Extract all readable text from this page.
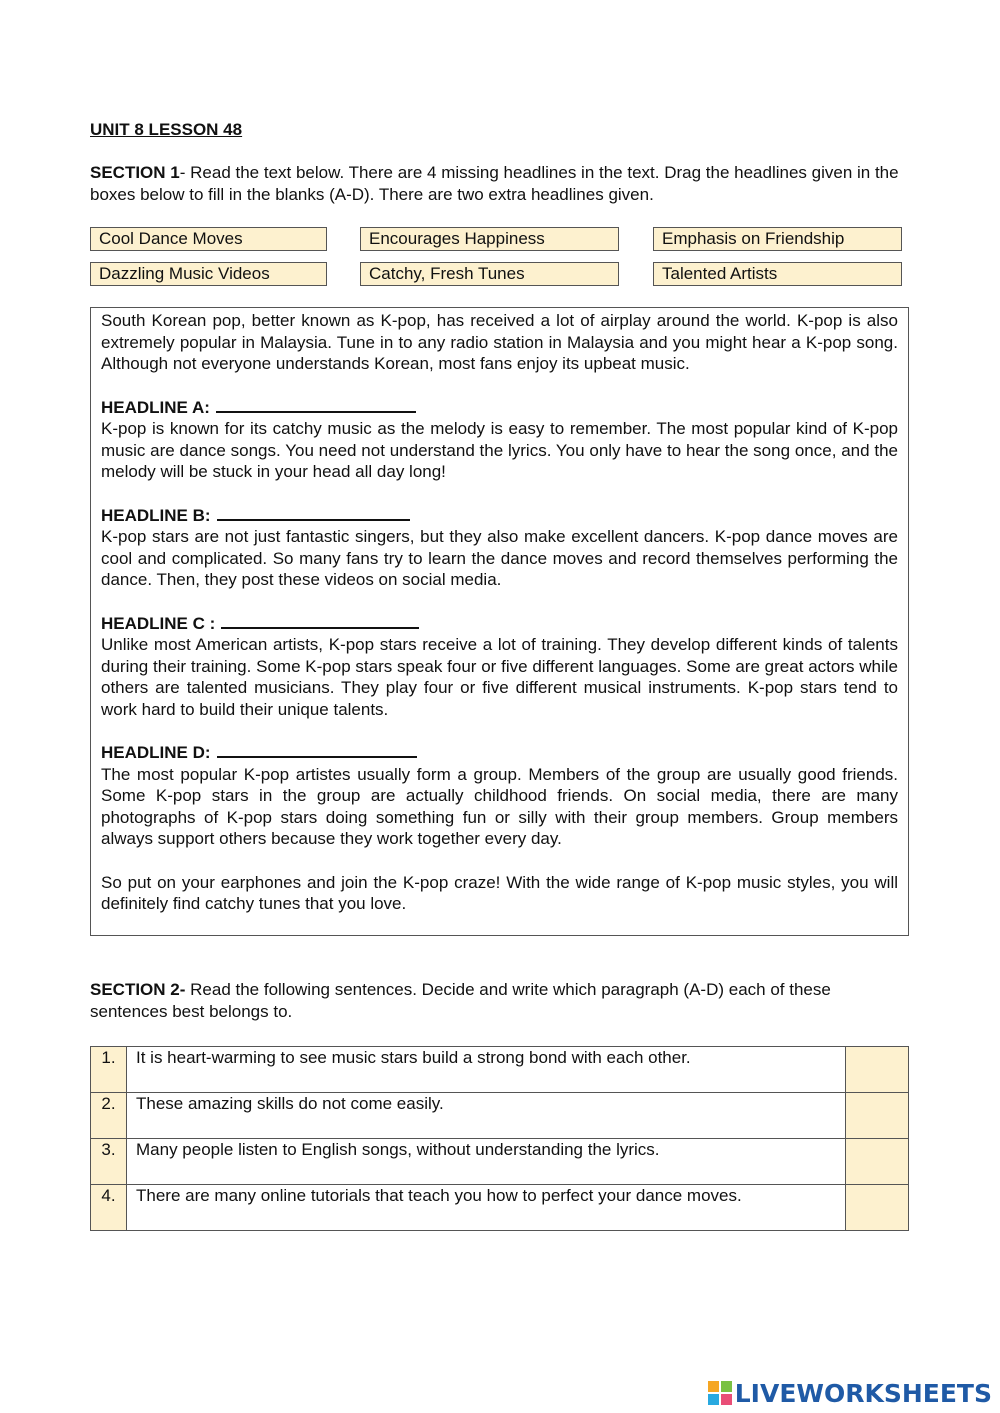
UNIT 8 LESSON 48
SECTION 1- Read the text below. There are 4 missing headlines in the text. Drag the headlines given in the boxes below to fill in the blanks (A-D). There are two extra headlines given.
Cool Dance Moves	Encourages Happiness	Emphasis on Friendship
Dazzling Music Videos	Catchy, Fresh Tunes	Talented Artists

South Korean pop, better known as K-pop, has received a lot of airplay around the world. K-pop is also extremely popular in Malaysia. Tune in to any radio station in Malaysia and you might hear a K-pop song. Although not everyone understands Korean, most fans enjoy its upbeat music.

HEADLINE A:

K-pop is known for its catchy music as the melody is easy to remember. The most popular kind of K-pop music are dance songs. You need not understand the lyrics. You only have to hear the song once, and the melody will be stuck in your head all day long!

HEADLINE B:

K-pop stars are not just fantastic singers, but they also make excellent dancers. K-pop dance moves are cool and complicated. So many fans try to learn the dance moves and record themselves performing the dance. Then, they post these videos on social media.

HEADLINE C :

Unlike most American artists, K-pop stars receive a lot of training. They develop different kinds of talents during their training. Some K-pop stars speak four or five different languages. Some are great actors while others are talented musicians. They play four or five different musical instruments. K-pop stars tend to work hard to build their unique talents.

HEADLINE D:

The most popular K-pop artistes usually form a group. Members of the group are usually good friends. Some K-pop stars in the group are actually childhood friends. On social media, there are many photographs of K-pop stars doing something fun or silly with their group members. Group members always support others because they work together every day.

So put on your earphones and join the K-pop craze! With the wide range of K-pop music styles, you will definitely find catchy tunes that you love.

SECTION 2- Read the following sentences. Decide and write which paragraph (A-D) each of these sentences best belongs to.
1.	It is heart-warming to see music stars build a strong bond with each other.	
2.	These amazing skills do not come easily.	
3.	Many people listen to English songs, without understanding the lyrics.	
4.	There are many online tutorials that teach you how to perfect your dance moves.	
LIVEWORKSHEETS
